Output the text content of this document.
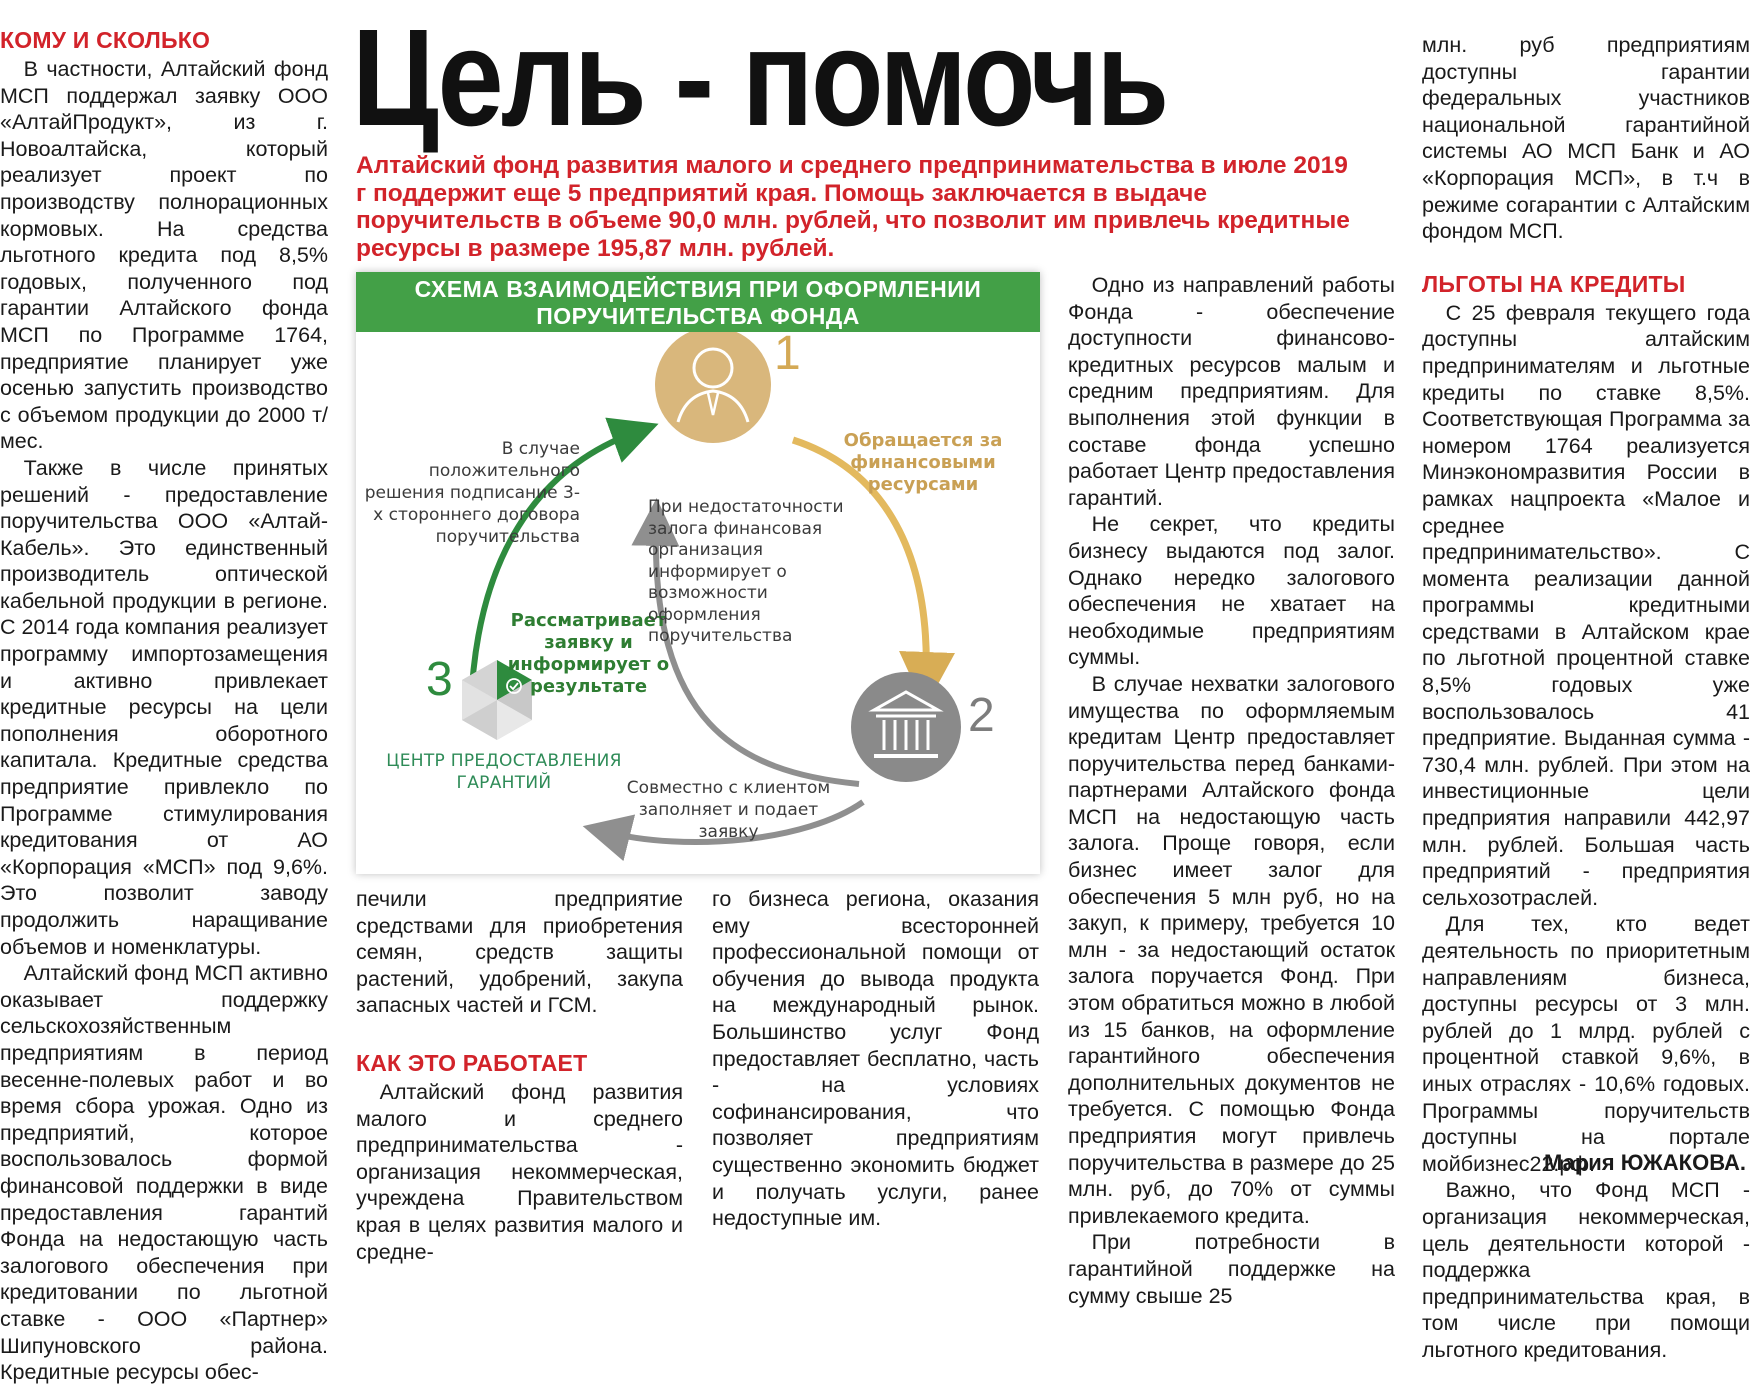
КОМУ И СКОЛЬКО

В частности, Алтайский фонд МСП поддержал заявку ООО «АлтайПродукт», из г. Новоалтайска, который реализует проект по производству полнорационных кормовых. На средства льготного кредита под 8,5% годовых, полученного под гарантии Алтайского фонда МСП по Программе 1764, предприятие планирует уже осенью запустить производство с объемом продукции до 2000 т/мес.

Также в числе принятых решений - предоставление поручительства ООО «Алтай-Кабель». Это единственный производитель оптической кабельной продукции в регионе. С 2014 года компания реализует программу импортозамещения и активно привлекает кредитные ресурсы на цели пополнения оборотного капитала. Кредитные средства предприятие привлекло по Программе стимулирования кредитования от АО «Корпорация «МСП» под 9,6%. Это позволит заводу продолжить наращивание объемов и номенклатуры.

Алтайский фонд МСП активно оказывает поддержку сельскохозяйственным предприятиям в период весенне-полевых работ и во время сбора урожая. Одно из предприятий, которое воспользовалось формой финансовой поддержки в виде предоставления гарантий Фонда на недостающую часть залогового обеспечения при кредитовании по льготной ставке - ООО «Партнер» Шипуновского района. Кредитные ресурсы обес-

Цель - помочь

Алтайский фонд развития малого и среднего предпринимательства в июле 2019 г поддержит еще 5 предприятий края. Помощь заключается в выдаче поручительств в объеме 90,0 млн. рублей, что позволит им привлечь кредитные ресурсы в размере 195,87 млн. рублей.

СХЕМА ВЗАИМОДЕЙСТВИЯ ПРИ ОФОРМЛЕНИИ
ПОРУЧИТЕЛЬСТВА ФОНДА
1
2
3
Обращается за финансовыми ресурсами
Совместно с клиентом заполняет и подает заявку
В случае положительного решения подписание 3-х стороннего договора поручительства
Рассматривает заявку и информирует о результате
При недостаточности залога финансовая организация информирует о возможности оформления поручительства
ЦЕНТР ПРЕДОСТАВЛЕНИЯ ГАРАНТИЙ

печили предприятие средствами для приобретения семян, средств защиты растений, удобрений, закупа запасных частей и ГСМ.

КАК ЭТО РАБОТАЕТ

Алтайский фонд развития малого и среднего предпринимательства - организация некоммерческая, учреждена Правительством края в целях развития малого и средне-

го бизнеса региона, оказания ему всесторонней профессиональной помощи от обучения до вывода продукта на международный рынок. Большинство услуг Фонд предоставляет бесплатно, часть - на условиях софинансирования, что позволяет предприятиям существенно экономить бюджет и получать услуги, ранее недоступные им.

Одно из направлений работы Фонда - обеспечение доступности финансово-кредитных ресурсов малым и средним предприятиям. Для выполнения этой функции в составе фонда успешно работает Центр предоставления гарантий.

Не секрет, что кредиты бизнесу выдаются под залог. Однако нередко залогового обеспечения не хватает на необходимые предприятиям суммы.

В случае нехватки залогового имущества по оформляемым кредитам Центр предоставляет поручительства перед банками-партнерами Алтайского фонда МСП на недостающую часть залога. Проще говоря, если бизнес имеет залог для обеспечения 5 млн руб, но на закуп, к примеру, требуется 10 млн - за недостающий остаток залога поручается Фонд. При этом обратиться можно в любой из 15 банков, на оформление гарантийного обеспечения дополнительных документов не требуется. С помощью Фонда предприятия могут привлечь поручительства в размере до 25 млн. руб, до 70% от суммы привлекаемого кредита.

При потребности в гарантийной поддержке на сумму свыше 25

млн. руб предприятиям доступны гарантии федеральных участников национальной гарантийной системы АО МСП Банк и АО «Корпорация МСП», в т.ч в режиме согарантии с Алтайским фондом МСП.

ЛЬГОТЫ НА КРЕДИТЫ

С 25 февраля текущего года доступны алтайским предпринимателям и льготные кредиты по ставке 8,5%. Соответствующая Программа за номером 1764 реализуется Минэкономразвития России в рамках нацпроекта «Малое и среднее предпринимательство». С момента реализации данной программы кредитными средствами в Алтайском крае по льготной процентной ставке 8,5% годовых уже воспользовалось 41 предприятие. Выданная сумма - 730,4 млн. рублей. При этом на инвестиционные цели предприятия направили 442,97 млн. рублей. Большая часть предприятий - предприятия сельхозотраслей.

Для тех, кто ведет деятельность по приоритетным направлениям бизнеса, доступны ресурсы от 3 млн. рублей до 1 млрд. рублей с процентной ставкой 9,6%, в иных отраслях - 10,6% годовых. Программы поручительств доступны на портале мойбизнес22.рф.

Важно, что Фонд МСП - организация некоммерческая, цель деятельности которой - поддержка предпринимательства края, в том числе при помощи льготного кредитования.

Мария ЮЖАКОВА.
